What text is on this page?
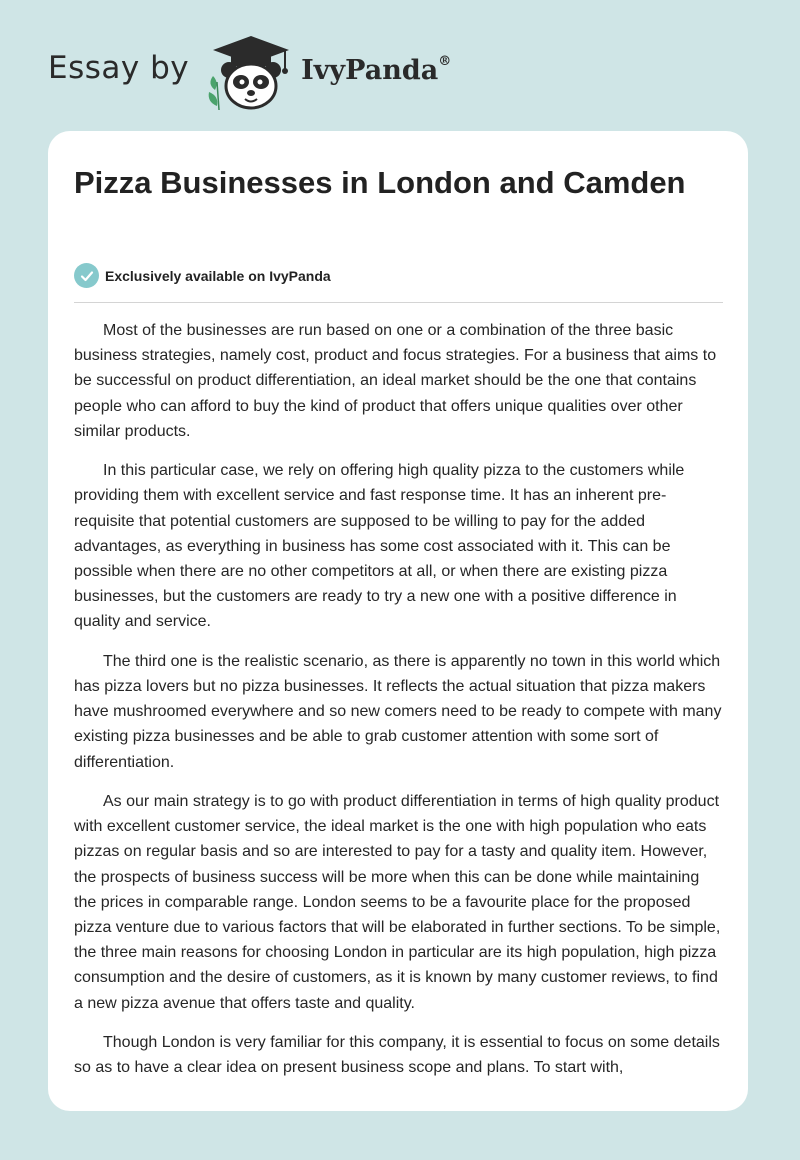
Essay by	IvyPanda®
Pizza Businesses in London and Camden
Exclusively available on IvyPanda

Most of the businesses are run based on one or a combination of the three basic business strategies, namely cost, product and focus strategies. For a business that aims to be successful on product differentiation, an ideal market should be the one that contains people who can afford to buy the kind of product that offers unique qualities over other similar products.

In this particular case, we rely on offering high quality pizza to the customers while providing them with excellent service and fast response time. It has an inherent pre-requisite that potential customers are supposed to be willing to pay for the added advantages, as everything in business has some cost associated with it. This can be possible when there are no other competitors at all, or when there are existing pizza businesses, but the customers are ready to try a new one with a positive difference in quality and service.

The third one is the realistic scenario, as there is apparently no town in this world which has pizza lovers but no pizza businesses. It reflects the actual situation that pizza makers have mushroomed everywhere and so new comers need to be ready to compete with many existing pizza businesses and be able to grab customer attention with some sort of differentiation.

As our main strategy is to go with product differentiation in terms of high quality product with excellent customer service, the ideal market is the one with high population who eats pizzas on regular basis and so are interested to pay for a tasty and quality item. However, the prospects of business success will be more when this can be done while maintaining the prices in comparable range. London seems to be a favourite place for the proposed pizza venture due to various factors that will be elaborated in further sections. To be simple, the three main reasons for choosing London in particular are its high population, high pizza consumption and the desire of customers, as it is known by many customer reviews, to find a new pizza avenue that offers taste and quality.

Though London is very familiar for this company, it is essential to focus on some details so as to have a clear idea on present business scope and plans. To start with,
